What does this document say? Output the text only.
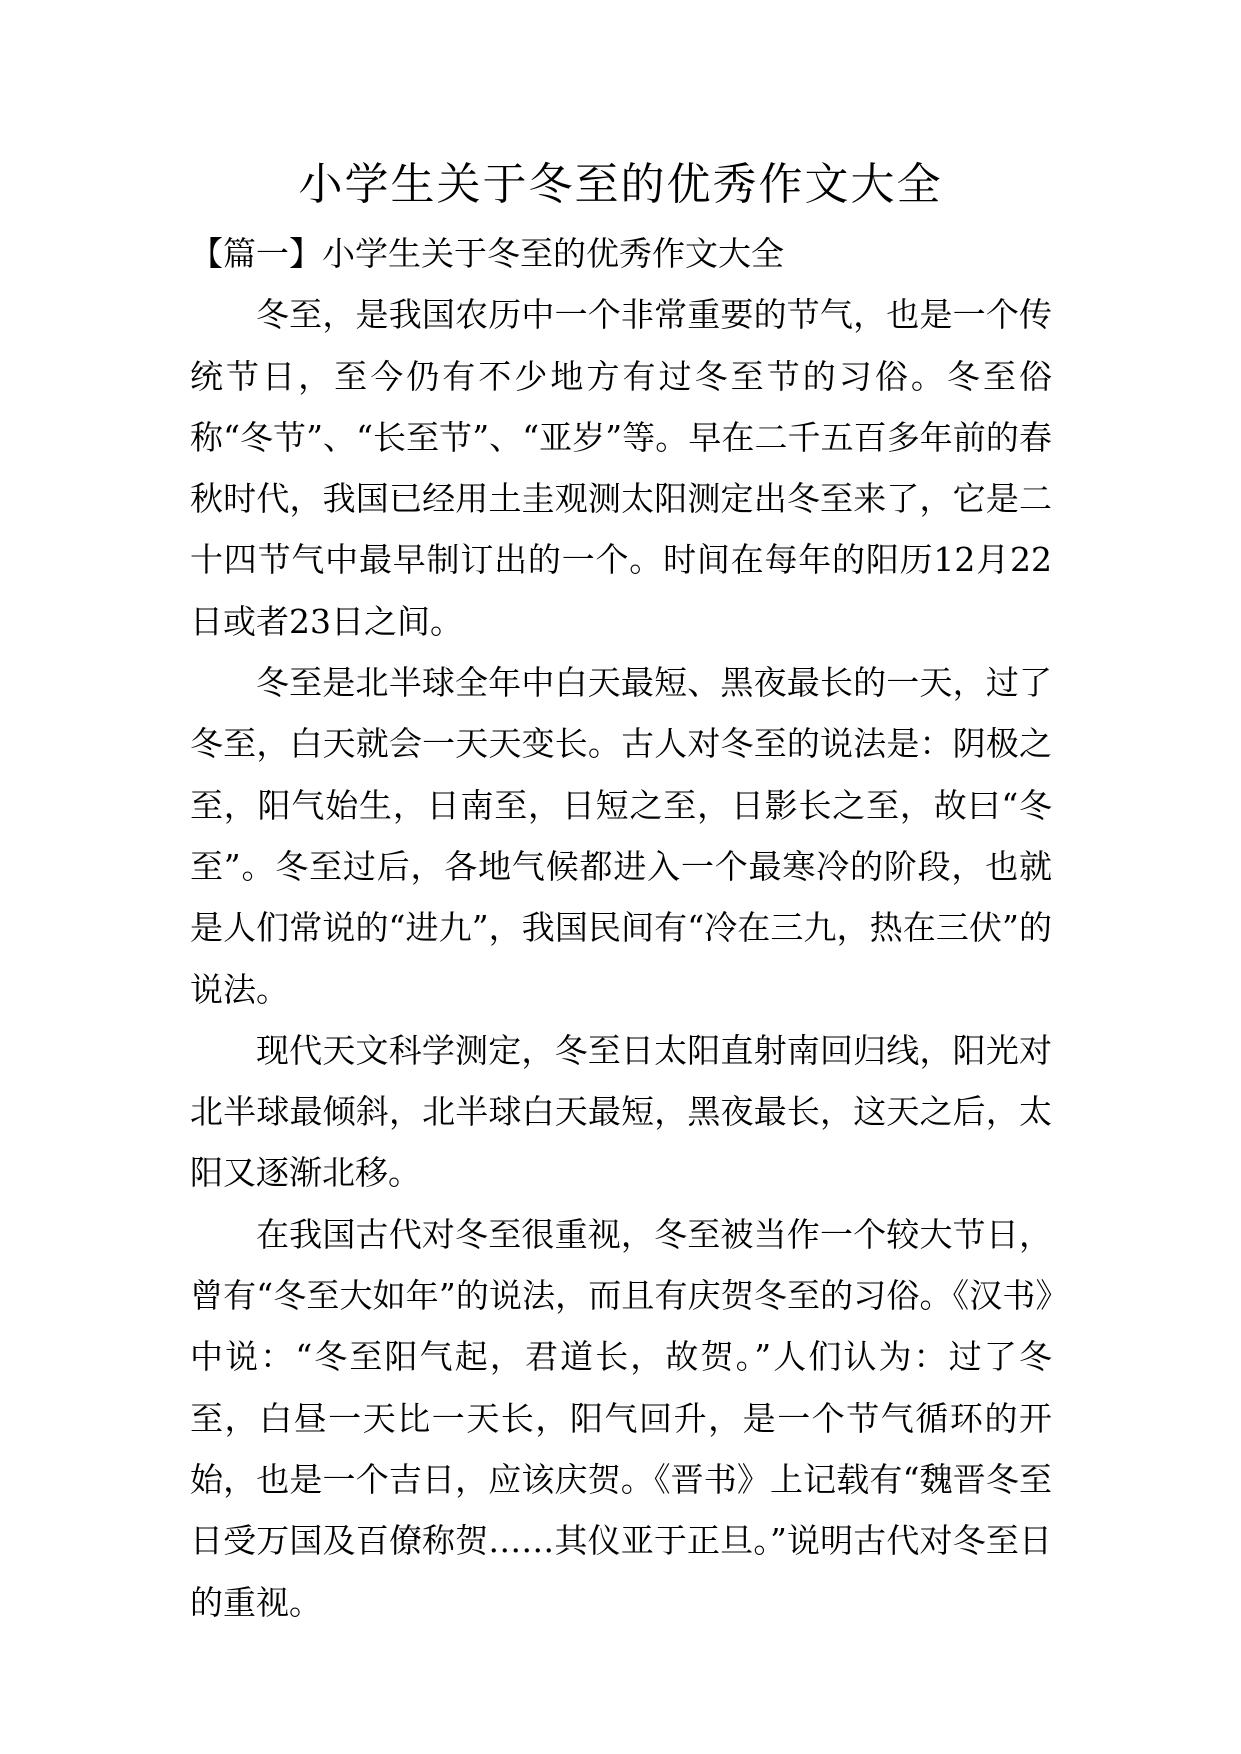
小学生关于冬至的优秀作文大全

【篇一】小学生关于冬至的优秀作文大全

冬至，是我国农历中一个非常重要的节气，也是一个传统节日，至今仍有不少地方有过冬至节的习俗。冬至俗称“冬节”、“长至节”、“亚岁”等。早在二千五百多年前的春秋时代，我国已经用土圭观测太阳测定出冬至来了，它是二十四节气中最早制订出的一个。时间在每年的阳历12月22日或者23日之间。

冬至是北半球全年中白天最短、黑夜最长的一天，过了冬至，白天就会一天天变长。古人对冬至的说法是：阴极之至，阳气始生，日南至，日短之至，日影长之至，故曰“冬至”。冬至过后，各地气候都进入一个最寒冷的阶段，也就是人们常说的“进九”，我国民间有“冷在三九，热在三伏”的说法。

现代天文科学测定，冬至日太阳直射南回归线，阳光对北半球最倾斜，北半球白天最短，黑夜最长，这天之后，太阳又逐渐北移。

在我国古代对冬至很重视，冬至被当作一个较大节日，曾有“冬至大如年”的说法，而且有庆贺冬至的习俗。《汉书》中说：“冬至阳气起，君道长，故贺。”人们认为：过了冬至，白昼一天比一天长，阳气回升，是一个节气循环的开始，也是一个吉日，应该庆贺。《晋书》上记载有“魏晋冬至日受万国及百僚称贺……其仪亚于正旦。”说明古代对冬至日的重视。
